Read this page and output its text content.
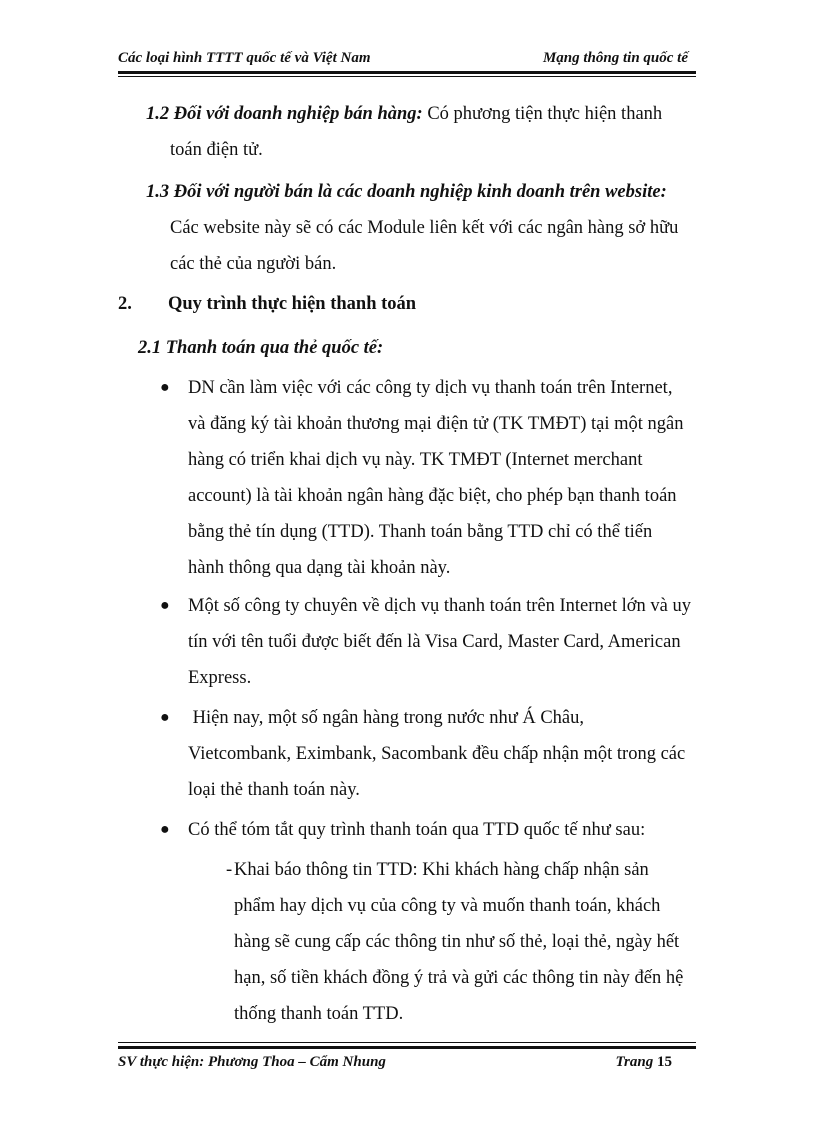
Các loại hình TTTT quốc tế và Việt Nam	Mạng thông tin quốc tế
1.2 Đối với doanh nghiệp bán hàng: Có phương tiện thực hiện thanh
toán điện tử.
1.3 Đối với người bán là các doanh nghiệp kinh doanh trên website:
Các website này sẽ có các Module liên kết với các ngân hàng sở hữu
các thẻ của người bán.
2. Quy trình thực hiện thanh toán
2.1 Thanh toán qua thẻ quốc tế:
● DN cần làm việc với các công ty dịch vụ thanh toán trên Internet,
và đăng ký tài khoản thương mại điện tử (TK TMĐT) tại một ngân
hàng có triển khai dịch vụ này. TK TMĐT (Internet merchant
account) là tài khoản ngân hàng đặc biệt, cho phép bạn thanh toán
bằng thẻ tín dụng (TTD). Thanh toán bằng TTD chỉ có thể tiến
hành thông qua dạng tài khoản này.
● Một số công ty chuyên về dịch vụ thanh toán trên Internet lớn và uy
tín với tên tuổi được biết đến là Visa Card, Master Card, American
Express.
● Hiện nay, một số ngân hàng trong nước như Á Châu,
Vietcombank, Eximbank, Sacombank đều chấp nhận một trong các
loại thẻ thanh toán này.
● Có thể tóm tắt quy trình thanh toán qua TTD quốc tế như sau:
- Khai báo thông tin TTD: Khi khách hàng chấp nhận sản
phẩm hay dịch vụ của công ty và muốn thanh toán, khách
hàng sẽ cung cấp các thông tin như số thẻ, loại thẻ, ngày hết
hạn, số tiền khách đồng ý trả và gửi các thông tin này đến hệ
thống thanh toán TTD.
SV thực hiện: Phương Thoa – Cẩm Nhung	Trang 15
